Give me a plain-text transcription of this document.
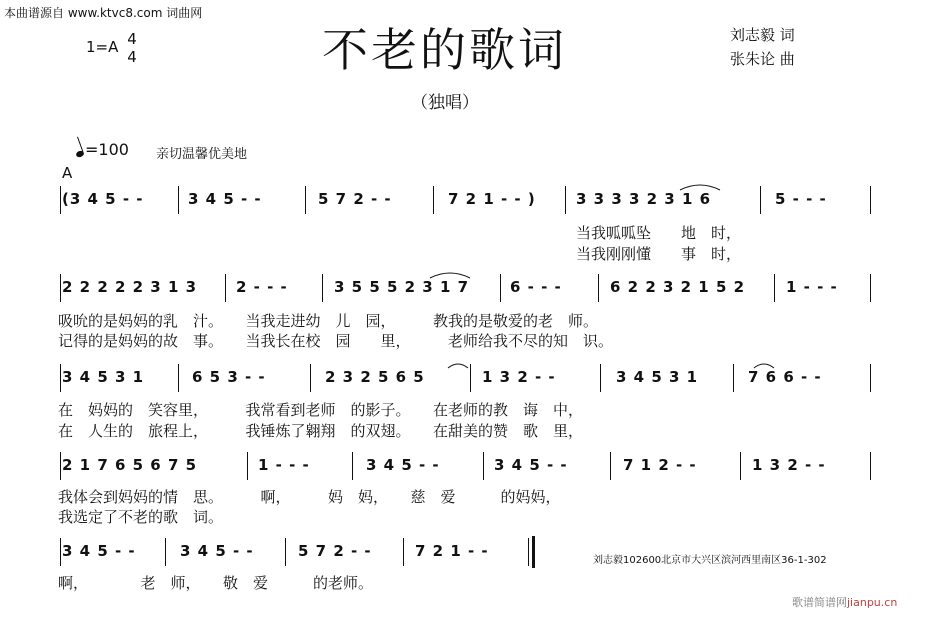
本曲谱源自 www.ktvc8.com 词曲网
1=A 4
4	不老的歌词	刘志毅 词
张朱论 曲
（独唱）
=100 亲切温馨优美地
A
(3 4 5 - -	3 4 5 - -	5 7 2 - -	7 2 1 - - )	3 3 3 3 2 3 1 6	5 - - -
当我呱呱坠　　地　时，
当我刚刚懂　　事　时，
2 2 2 2 2 3 1 3	2 - - -	3 5 5 5 2 3 1 7	6 - - -	6 2 2 3 2 1 5 2	1 - - -
吸吮的是妈妈的乳　汁。　　当我走进幼　儿　园，　　　教我的是敬爱的老　师。
记得的是妈妈的故　事。　　当我长在校　园　　里，　　　老师给我不尽的知　识。
3 4 5 3 1	6 5 3 - -	2 3 2 5 6 5	1 3 2 - -	3 4 5 3 1	7 6 6 - -
在　妈妈的　笑容里，　　　我常看到老师　的影子。　　在老师的教　诲　中，
在　人生的　旅程上，　　　我锤炼了翱翔　的双翅。　　在甜美的赞　歌　里，
2 1 7 6 5 6 7 5	1 - - -	3 4 5 - -	3 4 5 - -	7 1 2 - -	1 3 2 - -
我体会到妈妈的情　思。　　　啊，　　　妈　妈，　　慈　爱　　　的妈妈，
我选定了不老的歌　词。
3 4 5 - -	3 4 5 - -	5 7 2 - -	7 2 1 - -
啊，　　　　老　师，　　敬　爱　　　的老师。
刘志毅102600北京市大兴区滨河西里南区36-1-302
歌谱简谱网jianpu.cn
